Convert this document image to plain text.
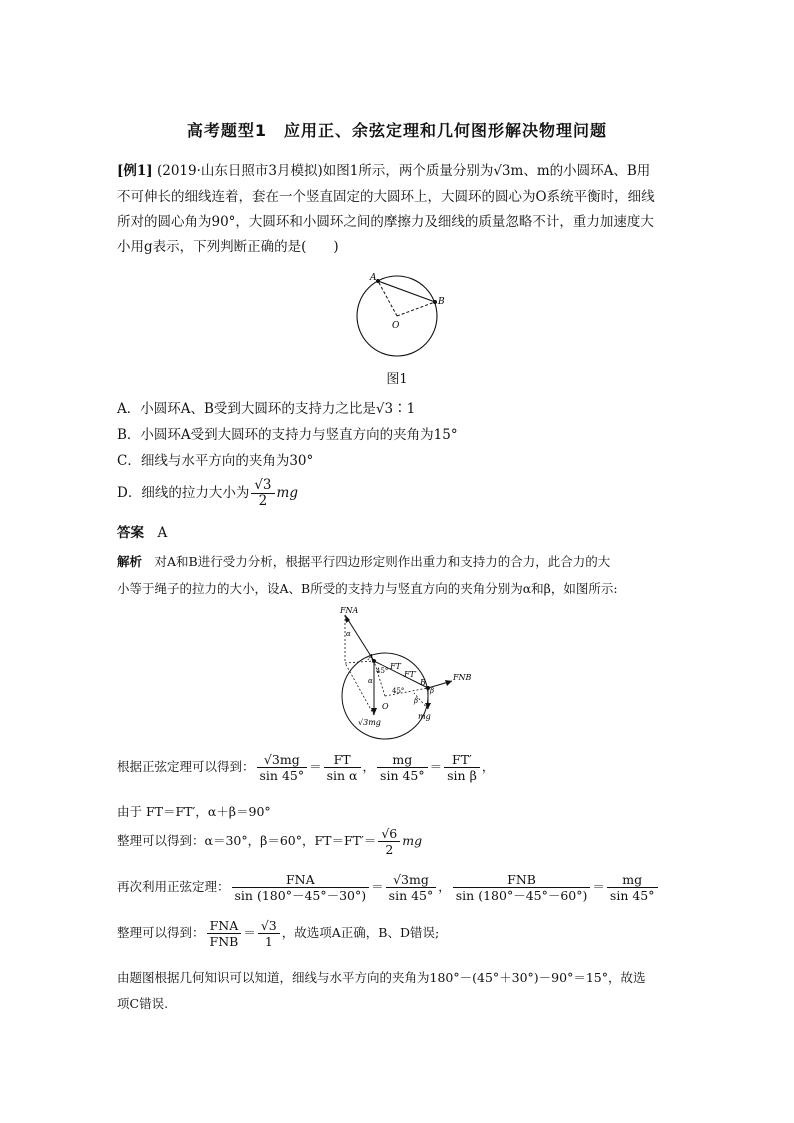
高考题型1　应用正、余弦定理和几何图形解决物理问题
[例1] (2019·山东日照市3月模拟)如图1所示，两个质量分别为√3m、m的小圆环A、B用
不可伸长的细线连着，套在一个竖直固定的大圆环上，大圆环的圆心为O系统平衡时，细线
所对的圆心角为90°，大圆环和小圆环之间的摩擦力及细线的质量忽略不计，重力加速度大
小用g表示，下列判断正确的是(　　)
A
B
O
图1
A．小圆环A、B受到大圆环的支持力之比是√3∶1
B．小圆环A受到大圆环的支持力与竖直方向的夹角为15°
C．细线与水平方向的夹角为30°
D．细线的拉力大小为 $\frac{√3}{2}$ mg
答案　 A
解析　 对A和B进行受力分析，根据平行四边形定则作出重力和支持力的合力，此合力的大
小等于绳子的拉力的大小，设A、B所受的支持力与竖直方向的夹角分别为α和β，如图所示:
FNA
FNB
FT
FT′
A
B
O
45°
45°
α
α
β
β
√3mg
mg
根据正弦定理可以得到： $\frac{√3mg}{\sin 45^\circ} = \frac{FT}{\text{sin α}}$ ， $\frac{mg}{\sin 45^\circ} = \frac{FT'}{\text{sin β}}$ ，
由于 FT＝FT′，α＋β＝90°
整理可以得到：α＝30°，β＝60°，$FT=FT'= \frac{√6}{2}$ mg
再次利用正弦定理： $\frac{\text{FNA}}{\sin (180^\circ-45^\circ-30^\circ)} = \frac{√3mg}{\sin 45^\circ}$ ， $\frac{\text{FNB}}{\sin (180^\circ-45^\circ-60^\circ)} = \frac{mg}{\sin 45^\circ}$
整理可以得到： $\frac{\text{FNA}}{\text{FNB}} = \frac{√3}{1}$ ，故选项A正确，B、D错误;
由题图根据几何知识可以知道，细线与水平方向的夹角为180°－(45°＋30°)－90°＝15°，故选
项C错误.
